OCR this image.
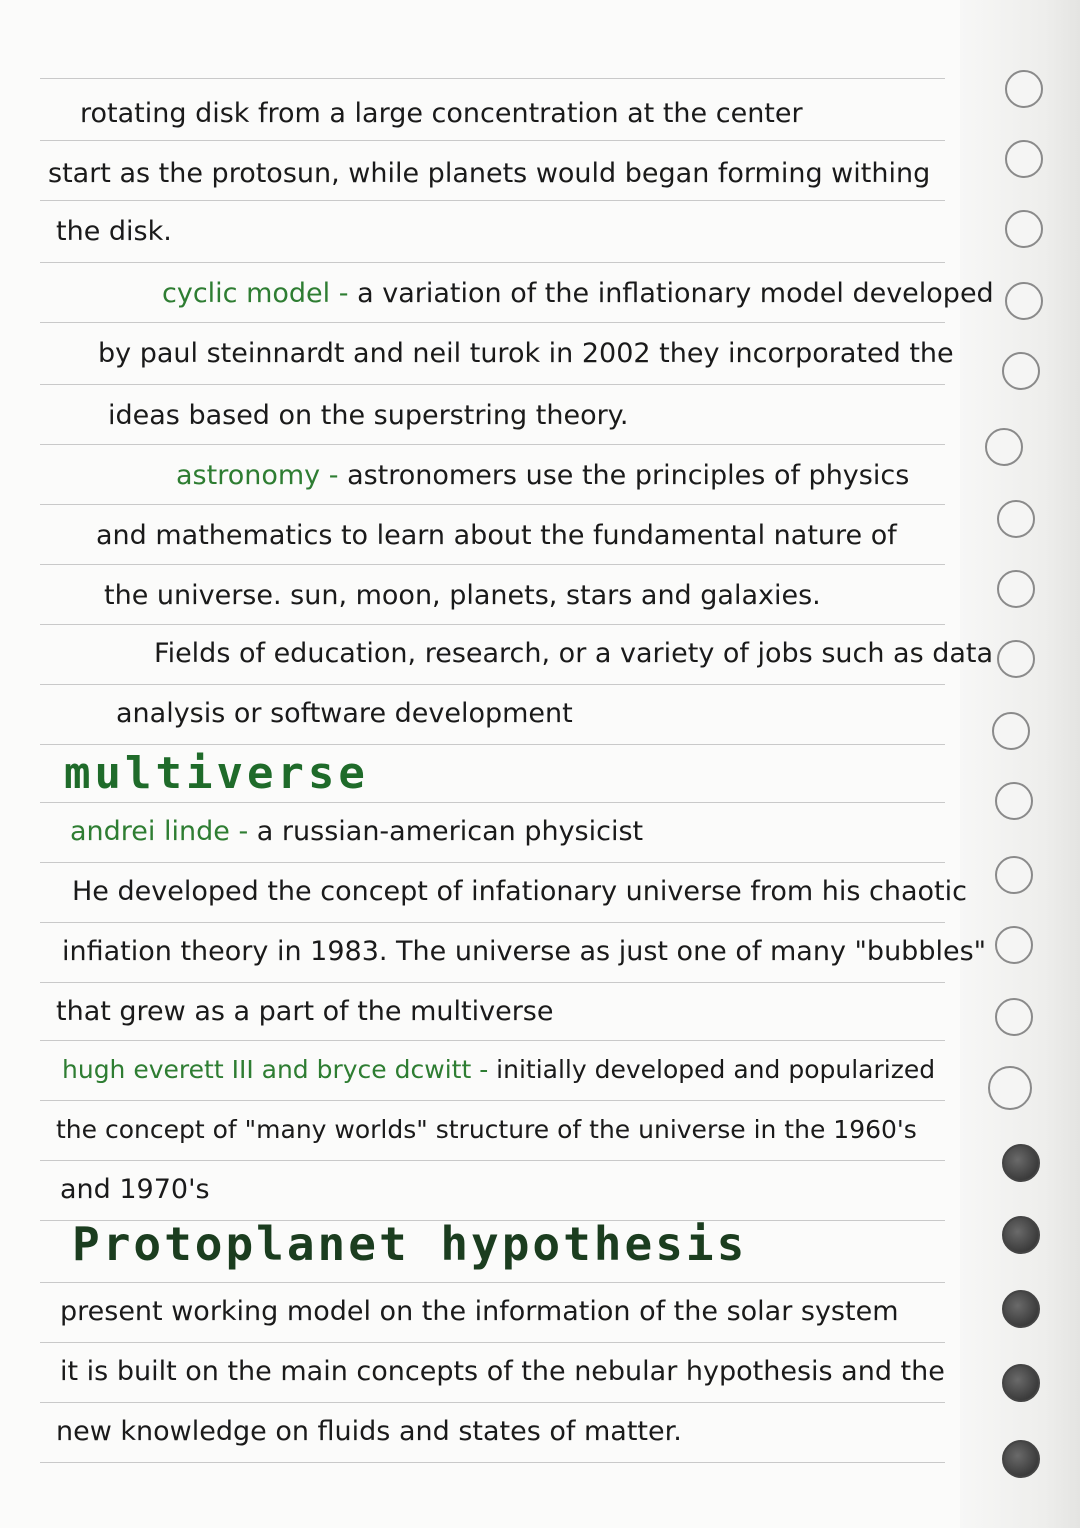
rotating disk from a large concentration at the center
start as the protosun, while planets would began forming withing
the disk.
cyclic model - a variation of the inflationary model developed
by paul steinnardt and neil turok in 2002 they incorporated the
ideas based on the superstring theory.
astronomy - astronomers use the principles of physics
and mathematics to learn about the fundamental nature of
the universe. sun, moon, planets, stars and galaxies.
Fields of education, research, or a variety of jobs such as data
analysis or software development
multiverse
andrei linde - a russian-american physicist
He developed the concept of infationary universe from his chaotic
infiation theory in 1983. The universe as just one of many "bubbles"
that grew as a part of the multiverse
hugh everett III and bryce dcwitt - initially developed and popularized
the concept of "many worlds" structure of the universe in the 1960's
and 1970's
Protoplanet hypothesis
present working model on the information of the solar system
it is built on the main concepts of the nebular hypothesis and the
new knowledge on fluids and states of matter.
